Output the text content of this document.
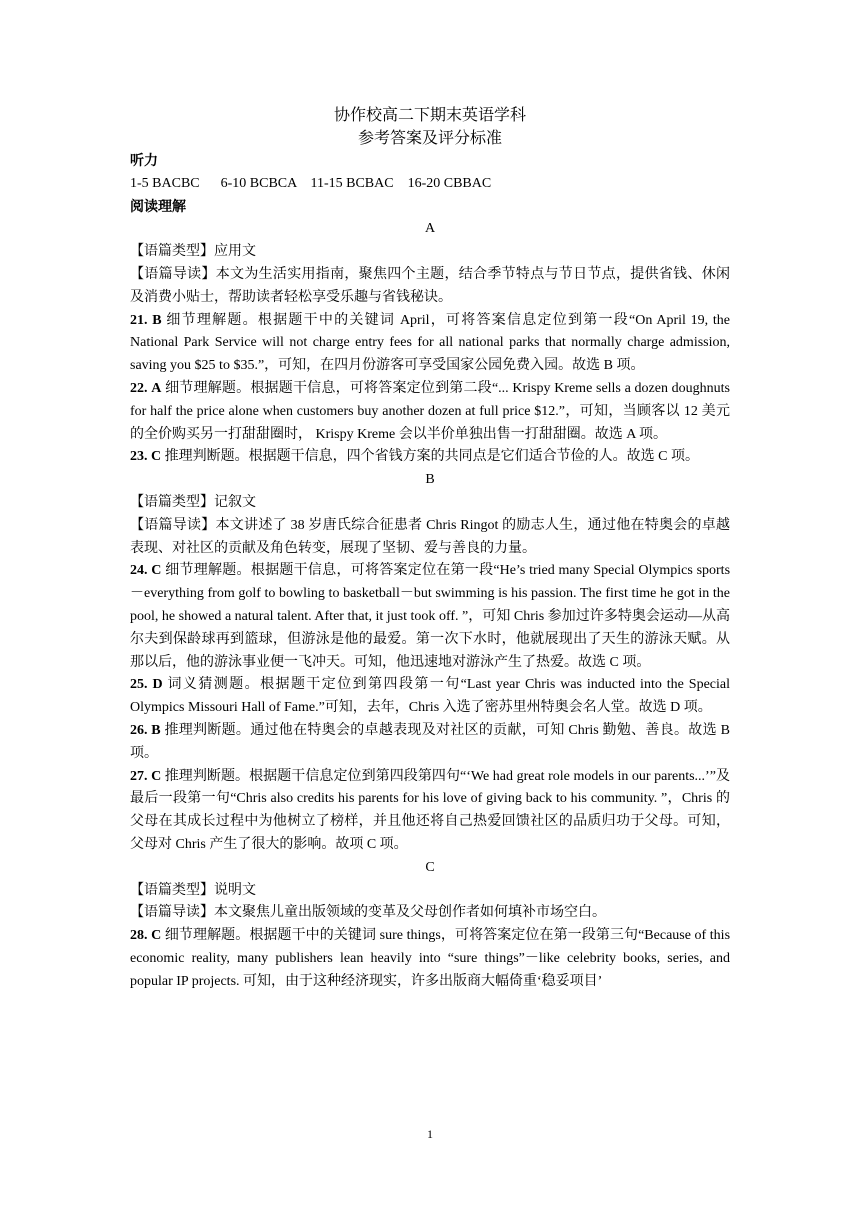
协作校高二下期末英语学科
参考答案及评分标准
听力
1-5 BACBC      6-10 BCBCA    11-15 BCBAC    16-20 CBBAC
阅读理解
A
【语篇类型】应用文
【语篇导读】本文为生活实用指南，聚焦四个主题，结合季节特点与节日节点，提供省钱、休闲及消费小贴士，帮助读者轻松享受乐趣与省钱秘诀。
21. B 细节理解题。根据题干中的关键词 April，可将答案信息定位到第一段“On April 19, the National Park Service will not charge entry fees for all national parks that normally charge admission, saving you $25 to $35.”，可知，在四月份游客可享受国家公园免费入园。故选 B 项。
22. A 细节理解题。根据题干信息，可将答案定位到第二段“... Krispy Kreme sells a dozen doughnuts for half the price alone when customers buy another dozen at full price $12.”，可知，当顾客以 12 美元的全价购买另一打甜甜圈时， Krispy Kreme 会以半价单独出售一打甜甜圈。故选 A 项。
23. C 推理判断题。根据题干信息，四个省钱方案的共同点是它们适合节俭的人。故选 C 项。
B
【语篇类型】记叙文
【语篇导读】本文讲述了 38 岁唐氏综合征患者 Chris Ringot 的励志人生，通过他在特奥会的卓越表现、对社区的贡献及角色转变，展现了坚韧、爱与善良的力量。
24. C 细节理解题。根据题干信息，可将答案定位在第一段“He’s tried many Special Olympics sports－everything from golf to bowling to basketball－but swimming is his passion. The first time he got in the pool, he showed a natural talent. After that, it just took off. ”，可知 Chris 参加过许多特奥会运动—从高尔夫到保龄球再到篮球，但游泳是他的最爱。第一次下水时，他就展现出了天生的游泳天赋。从那以后，他的游泳事业便一飞冲天。可知，他迅速地对游泳产生了热爱。故选 C 项。
25. D 词义猜测题。根据题干定位到第四段第一句“Last year Chris was inducted into the Special Olympics Missouri Hall of Fame.”可知，去年，Chris 入选了密苏里州特奥会名人堂。故选 D 项。
26. B 推理判断题。通过他在特奥会的卓越表现及对社区的贡献，可知 Chris 勤勉、善良。故选 B 项。
27. C 推理判断题。根据题干信息定位到第四段第四句“‘We had great role models in our parents...’”及最后一段第一句“Chris also credits his parents for his love of giving back to his community. ”，Chris 的父母在其成长过程中为他树立了榜样，并且他还将自己热爱回馈社区的品质归功于父母。可知，父母对 Chris 产生了很大的影响。故项 C 项。
C
【语篇类型】说明文
【语篇导读】本文聚焦儿童出版领域的变革及父母创作者如何填补市场空白。
28. C 细节理解题。根据题干中的关键词 sure things，可将答案定位在第一段第三句“Because of this economic reality, many publishers lean heavily into “sure things”－like celebrity books, series, and popular IP projects. 可知，由于这种经济现实，许多出版商大幅倚重‘稳妥项目’
1
